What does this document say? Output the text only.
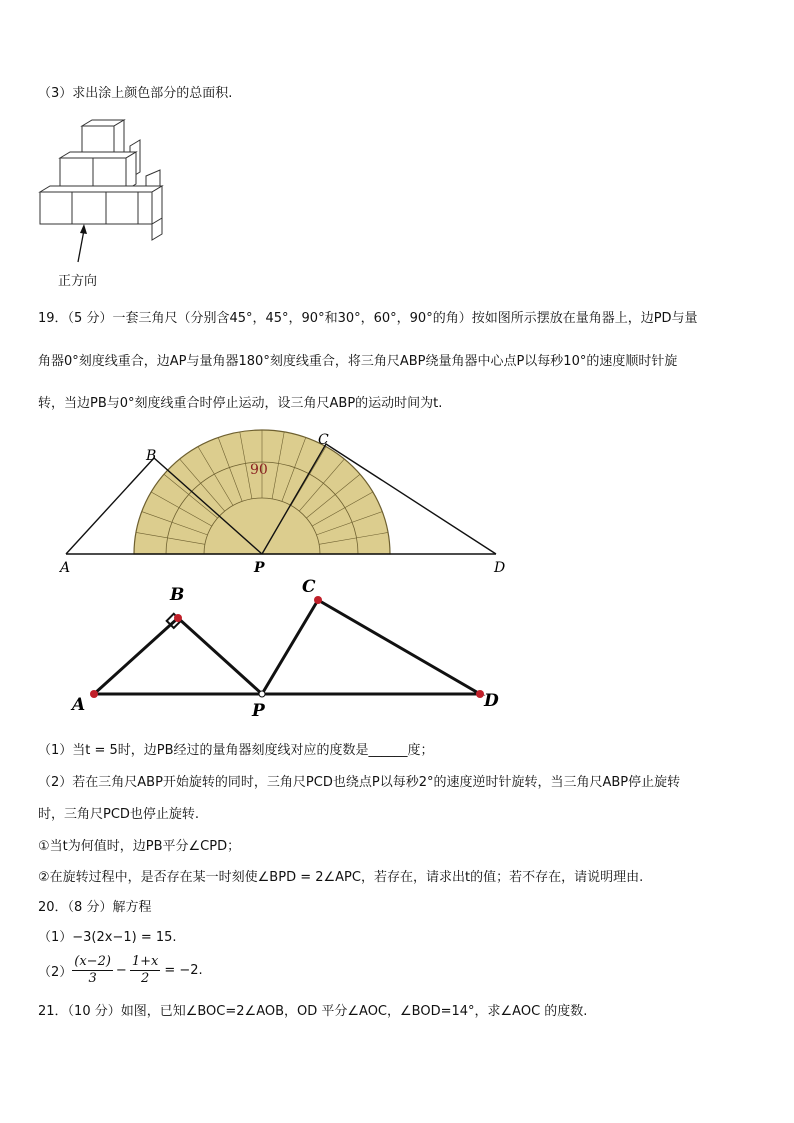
（3）求出涂上颜色部分的总面积.
正方向
19．（5 分）一套三角尺（分别含45°，45°，90°和30°，60°，90°的角）按如图所示摆放在量角器上，边PD与量
角器0°刻度线重合，边AP与量角器180°刻度线重合，将三角尺ABP绕量角器中心点P以每秒10°的速度顺时针旋
转，当边PB与0°刻度线重合时停止运动，设三角尺ABP的运动时间为t.
90
A
B
C
D
P
A
B
P
C
D
（1）当t = 5时，边PB经过的量角器刻度线对应的度数是______度；
（2）若在三角尺ABP开始旋转的同时，三角尺PCD也绕点P以每秒2°的速度逆时针旋转，当三角尺ABP停止旋转
时，三角尺PCD也停止旋转.
①当t为何值时，边PB平分∠CPD；
②在旋转过程中，是否存在某一时刻使∠BPD = 2∠APC，若存在，请求出t的值；若不存在，请说明理由.
20．（8 分）解方程
（1）−3(2x−1) = 15.
$(2) \frac{(x-2)}{3} - \frac{1+x}{2} = -2$.
21．（10 分）如图，已知∠BOC=2∠AOB，OD 平分∠AOC，∠BOD=14°，求∠AOC 的度数.
